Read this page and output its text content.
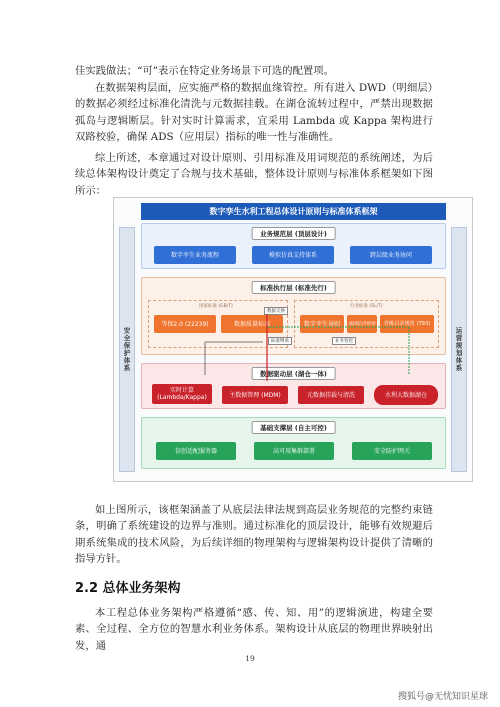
佳实践做法；“可”表示在特定业务场景下可选的配置项。

在数据架构层面，应实施严格的数据血缘管控。所有进入 DWD（明细层）的数据必须经过标准化清洗与元数据挂载。在湖仓流转过程中，严禁出现数据孤岛与逻辑断层。针对实时计算需求，宜采用 Lambda 或 Kappa 架构进行双路校验，确保 ADS（应用层）指标的唯一性与准确性。

综上所述，本章通过对设计原则、引用标准及用词规范的系统阐述，为后续总体架构设计奠定了合规与技术基础，整体设计原则与标准体系框架如下图所示：

数字孪生水利工程总体设计原则与标准体系框架
安全保护体系	运营规划体系
业务规范层 (顶层设计)
数字孪生业务流程	模拟仿真支持体系	跨层级业务协同
标准执行层 (标准先行)
国家标准 (GB/T)	行业标准 (SL/T)
等保2.0 (22239)	数据质量标准	数字孪生导则	流域防洪规划	省级目录规范 (T93)
数据交换
标准继承	业务管控
数据驱动层 (湖仓一体)
实时计算 (Lambda/Kappa)	主数据管理 (MDM)	元数据挂载与清洗	水利大数据湖仓
基础支撑层 (自主可控)
信创适配服务器	高可用集群部署	安全防护网关

如上图所示，该框架涵盖了从底层法律法规到高层业务规范的完整约束链条，明确了系统建设的边界与准则。通过标准化的顶层设计，能够有效规避后期系统集成的技术风险，为后续详细的物理架构与逻辑架构设计提供了清晰的指导方针。

2.2 总体业务架构

本工程总体业务架构严格遵循“感、传、知、用”的逻辑演进，构建全要素、全过程、全方位的智慧水利业务体系。架构设计从底层的物理世界映射出发，通

19
搜狐号@无忧知识星球
